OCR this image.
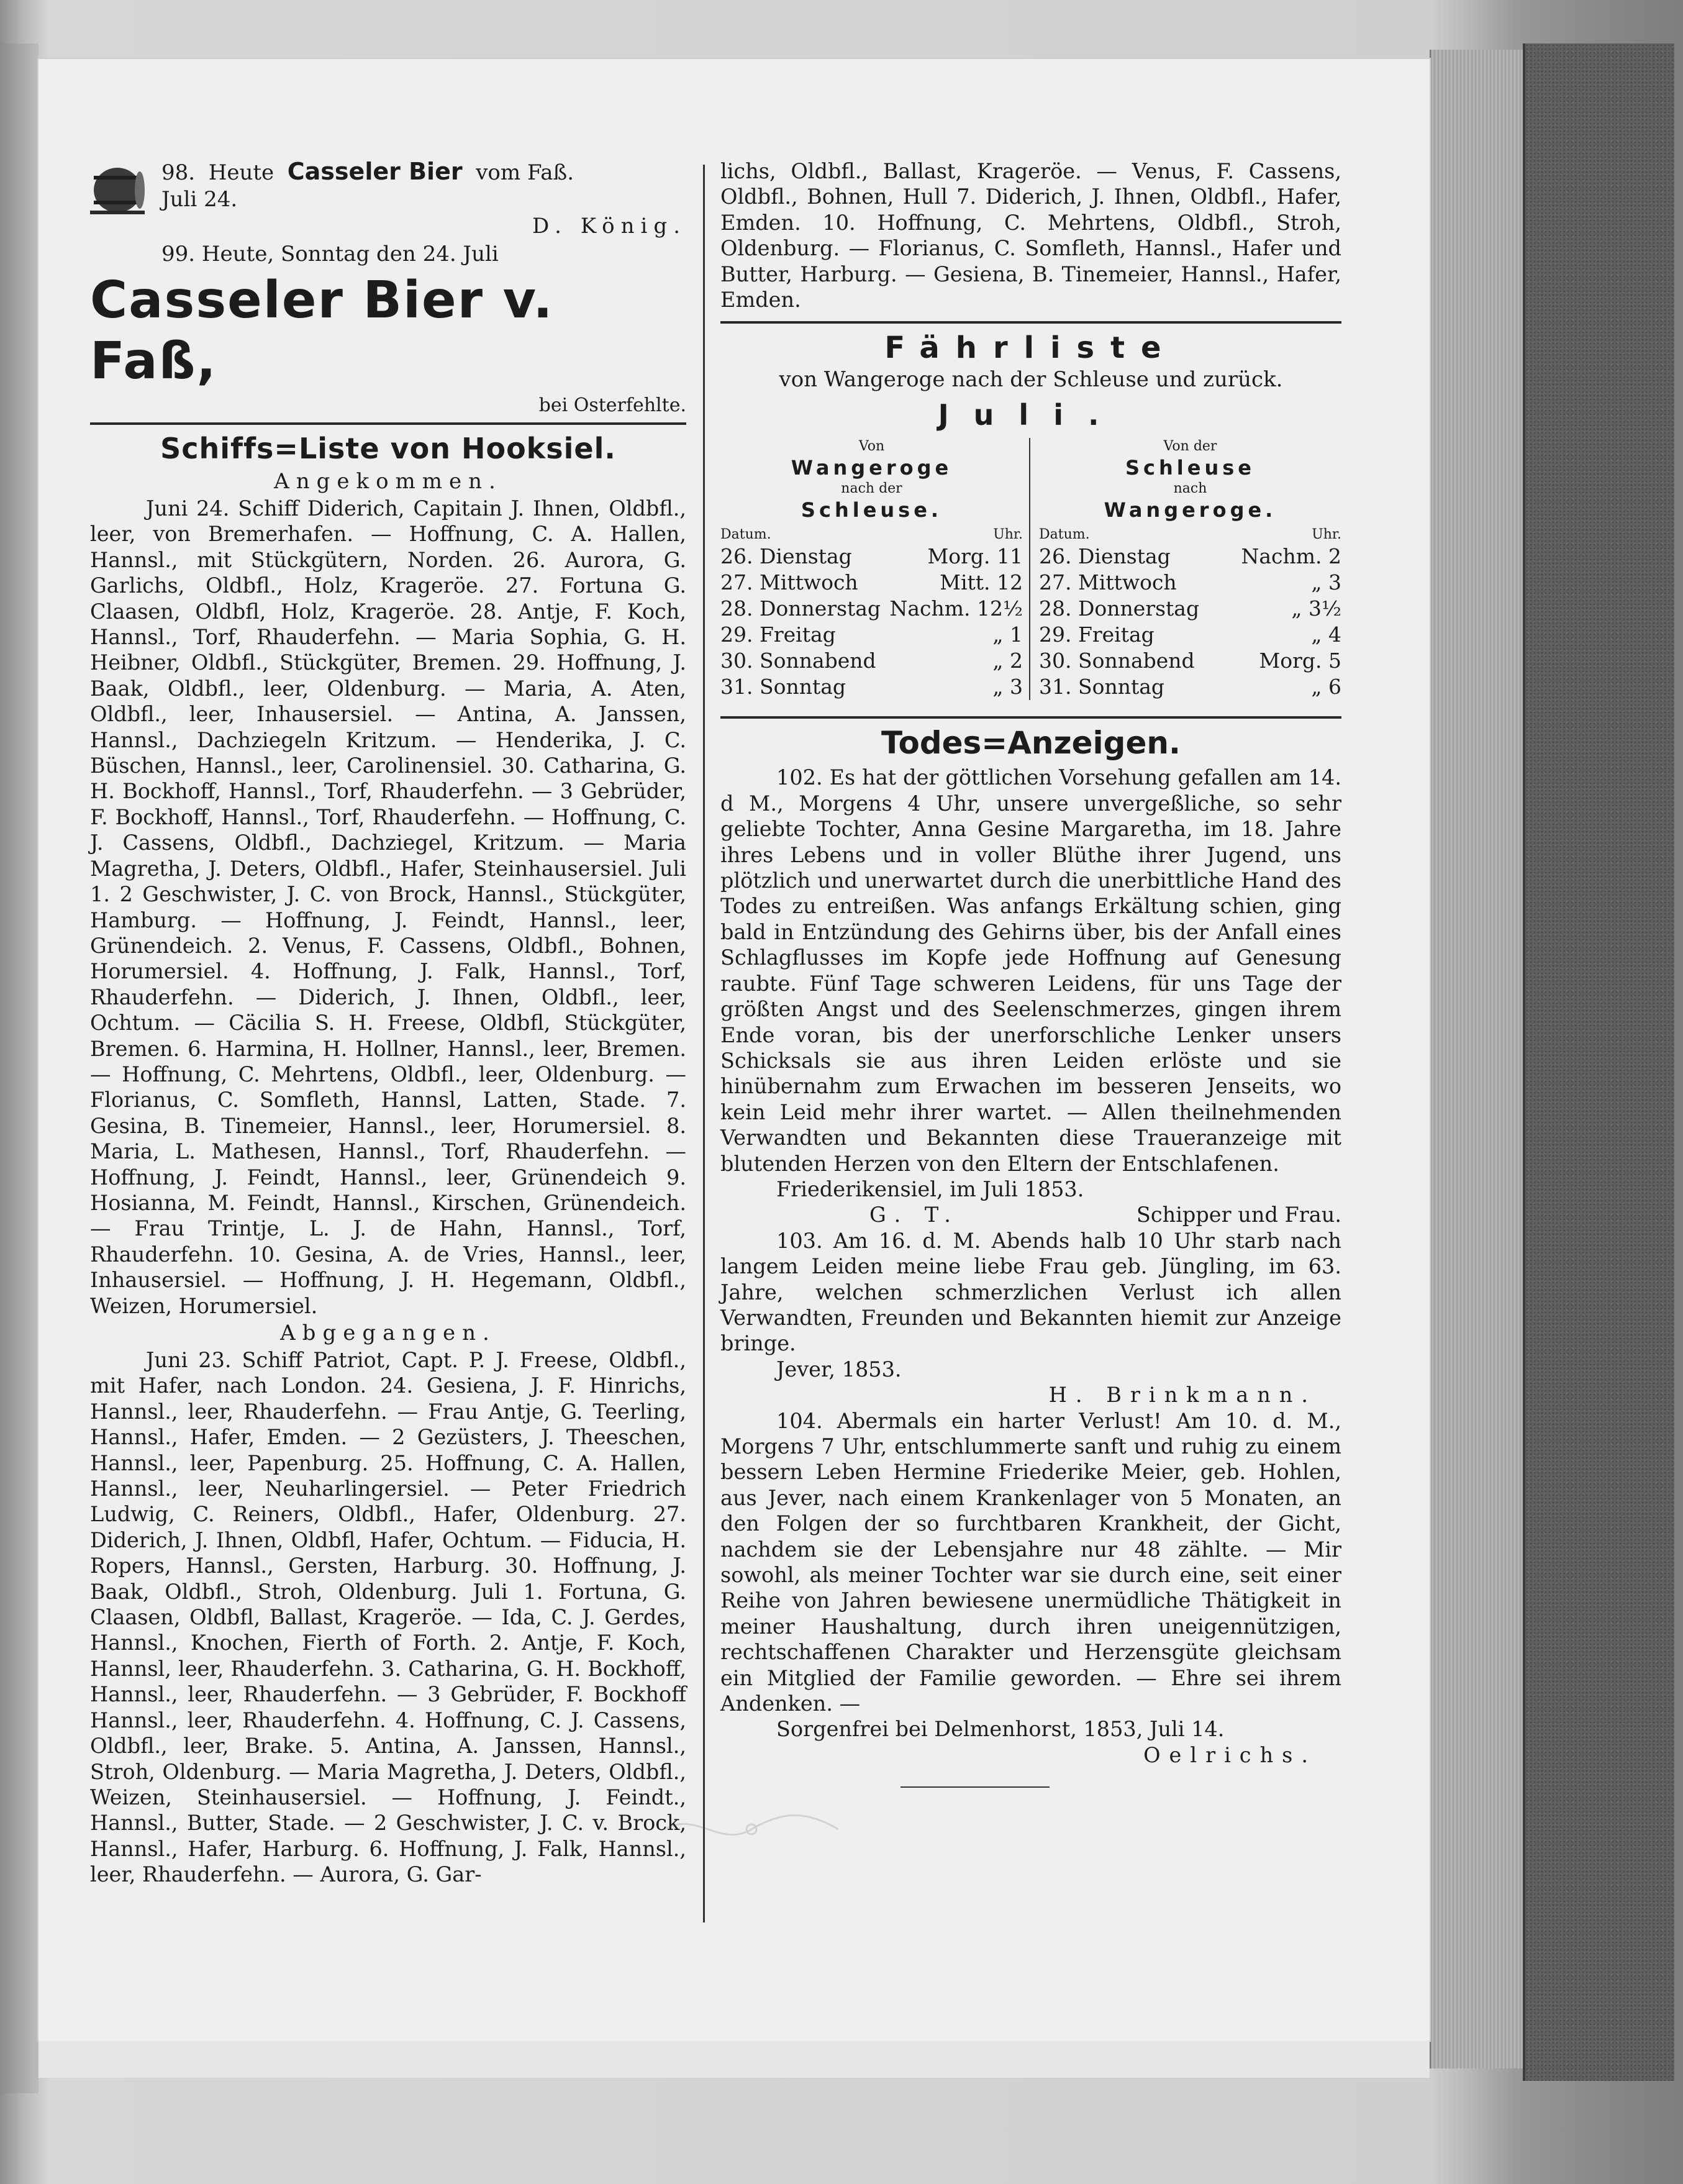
98. Heute Casseler Bier vom Faß.
Juli 24.
D. König.
99. Heute, Sonntag den 24. Juli
Casseler Bier v. Faß,
bei Osterfehlte.
Schiffs=Liste von Hooksiel.
Angekommen.

Juni 24. Schiff Diderich, Capitain J. Ihnen, Oldbfl., leer, von Bremerhafen. — Hoffnung, C. A. Hallen, Hannsl., mit Stückgütern, Norden. 26. Aurora, G. Garlichs, Oldbfl., Holz, Krageröe. 27. Fortuna G. Claasen, Oldbfl, Holz, Krageröe. 28. Antje, F. Koch, Hannsl., Torf, Rhauderfehn. — Maria Sophia, G. H. Heibner, Oldbfl., Stückgüter, Bremen. 29. Hoffnung, J. Baak, Oldbfl., leer, Oldenburg. — Maria, A. Aten, Oldbfl., leer, Inhausersiel. — Antina, A. Janssen, Hannsl., Dachziegeln Kritzum. — Henderika, J. C. Büschen, Hannsl., leer, Carolinensiel. 30. Catharina, G. H. Bockhoff, Hannsl., Torf, Rhauderfehn. — 3 Gebrüder, F. Bockhoff, Hannsl., Torf, Rhauderfehn. — Hoffnung, C. J. Cassens, Oldbfl., Dachziegel, Kritzum. — Maria Magretha, J. Deters, Oldbfl., Hafer, Steinhausersiel. Juli 1. 2 Geschwister, J. C. von Brock, Hannsl., Stückgüter, Hamburg. — Hoffnung, J. Feindt, Hannsl., leer, Grünendeich. 2. Venus, F. Cassens, Oldbfl., Bohnen, Horumersiel. 4. Hoffnung, J. Falk, Hannsl., Torf, Rhauderfehn. — Diderich, J. Ihnen, Oldbfl., leer, Ochtum. — Cäcilia S. H. Freese, Oldbfl, Stückgüter, Bremen. 6. Harmina, H. Hollner, Hannsl., leer, Bremen. — Hoffnung, C. Mehrtens, Oldbfl., leer, Oldenburg. — Florianus, C. Somfleth, Hannsl, Latten, Stade. 7. Gesina, B. Tinemeier, Hannsl., leer, Horumersiel. 8. Maria, L. Mathesen, Hannsl., Torf, Rhauderfehn. — Hoffnung, J. Feindt, Hannsl., leer, Grünendeich 9. Hosianna, M. Feindt, Hannsl., Kirschen, Grünendeich. — Frau Trintje, L. J. de Hahn, Hannsl., Torf, Rhauderfehn. 10. Gesina, A. de Vries, Hannsl., leer, Inhausersiel. — Hoffnung, J. H. Hegemann, Oldbfl., Weizen, Horumersiel.

Abgegangen.

Juni 23. Schiff Patriot, Capt. P. J. Freese, Oldbfl., mit Hafer, nach London. 24. Gesiena, J. F. Hinrichs, Hannsl., leer, Rhauderfehn. — Frau Antje, G. Teerling, Hannsl., Hafer, Emden. — 2 Gezüsters, J. Theeschen, Hannsl., leer, Papenburg. 25. Hoffnung, C. A. Hallen, Hannsl., leer, Neuharlingersiel. — Peter Friedrich Ludwig, C. Reiners, Oldbfl., Hafer, Oldenburg. 27. Diderich, J. Ihnen, Oldbfl, Hafer, Ochtum. — Fiducia, H. Ropers, Hannsl., Gersten, Harburg. 30. Hoffnung, J. Baak, Oldbfl., Stroh, Oldenburg. Juli 1. Fortuna, G. Claasen, Oldbfl, Ballast, Krageröe. — Ida, C. J. Gerdes, Hannsl., Knochen, Fierth of Forth. 2. Antje, F. Koch, Hannsl, leer, Rhauderfehn. 3. Catharina, G. H. Bockhoff, Hannsl., leer, Rhauderfehn. — 3 Gebrüder, F. Bockhoff Hannsl., leer, Rhauderfehn. 4. Hoffnung, C. J. Cassens, Oldbfl., leer, Brake. 5. Antina, A. Janssen, Hannsl., Stroh, Oldenburg. — Maria Magretha, J. Deters, Oldbfl., Weizen, Steinhausersiel. — Hoffnung, J. Feindt., Hannsl., Butter, Stade. — 2 Geschwister, J. C. v. Brock, Hannsl., Hafer, Harburg. 6. Hoffnung, J. Falk, Hannsl., leer, Rhauderfehn. — Aurora, G. Gar-

lichs, Oldbfl., Ballast, Krageröe. — Venus, F. Cassens, Oldbfl., Bohnen, Hull 7. Diderich, J. Ihnen, Oldbfl., Hafer, Emden. 10. Hoffnung, C. Mehrtens, Oldbfl., Stroh, Oldenburg. — Florianus, C. Somfleth, Hannsl., Hafer und Butter, Harburg. — Gesiena, B. Tinemeier, Hannsl., Hafer, Emden.

Fährliste
von Wangeroge nach der Schleuse und zurück.
Juli.
Von
Wangeroge
nach der
Schleuse.
Datum.	Uhr.
26. Dienstag	Morg. 11
27. Mittwoch	Mitt. 12
28. Donnerstag Nachm. 12½
29. Freitag	„ 1
30. Sonnabend	„ 2
31. Sonntag	„ 3
Von der
Schleuse
nach
Wangeroge.
Datum.	Uhr.
26. Dienstag	Nachm. 2
27. Mittwoch	„ 3
28. Donnerstag	„ 3½
29. Freitag	„ 4
30. Sonnabend	Morg. 5
31. Sonntag	„ 6
Todes=Anzeigen.

102. Es hat der göttlichen Vorsehung gefallen am 14. d M., Morgens 4 Uhr, unsere unvergeßliche, so sehr geliebte Tochter, Anna Gesine Margaretha, im 18. Jahre ihres Lebens und in voller Blüthe ihrer Jugend, uns plötzlich und unerwartet durch die unerbittliche Hand des Todes zu entreißen. Was anfangs Erkältung schien, ging bald in Entzündung des Gehirns über, bis der Anfall eines Schlagflusses im Kopfe jede Hoffnung auf Genesung raubte. Fünf Tage schweren Leidens, für uns Tage der größten Angst und des Seelenschmerzes, gingen ihrem Ende voran, bis der unerforschliche Lenker unsers Schicksals sie aus ihren Leiden erlöste und sie hinübernahm zum Erwachen im besseren Jenseits, wo kein Leid mehr ihrer wartet. — Allen theilnehmenden Verwandten und Bekannten diese Traueranzeige mit blutenden Herzen von den Eltern der Entschlafenen.

Friederikensiel, im Juli 1853.

G. T.	Schipper und Frau.

103. Am 16. d. M. Abends halb 10 Uhr starb nach langem Leiden meine liebe Frau geb. Jüngling, im 63. Jahre, welchen schmerzlichen Verlust ich allen Verwandten, Freunden und Bekannten hiemit zur Anzeige bringe.

Jever, 1853.

H. Brinkmann.

104. Abermals ein harter Verlust! Am 10. d. M., Morgens 7 Uhr, entschlummerte sanft und ruhig zu einem bessern Leben Hermine Friederike Meier, geb. Hohlen, aus Jever, nach einem Krankenlager von 5 Monaten, an den Folgen der so furchtbaren Krankheit, der Gicht, nachdem sie der Lebensjahre nur 48 zählte. — Mir sowohl, als meiner Tochter war sie durch eine, seit einer Reihe von Jahren bewiesene unermüdliche Thätigkeit in meiner Haushaltung, durch ihren uneigennützigen, rechtschaffenen Charakter und Herzensgüte gleichsam ein Mitglied der Familie geworden. — Ehre sei ihrem Andenken. —

Sorgenfrei bei Delmenhorst, 1853, Juli 14.

Oelrichs.
